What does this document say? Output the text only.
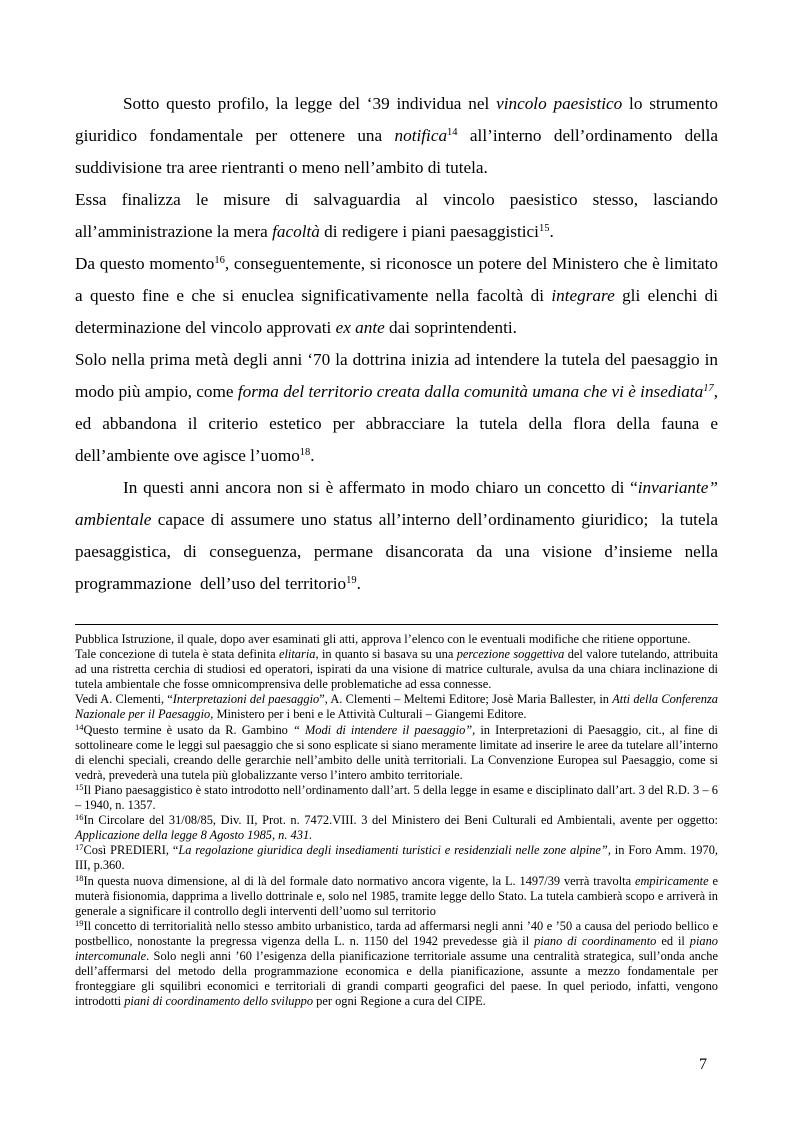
Sotto questo profilo, la legge del ‘39 individua nel vincolo paesistico lo strumento giuridico fondamentale per ottenere una notifica$^{14}$ all’interno dell’ordinamento della suddivisione tra aree rientranti o meno nell’ambito di tutela.

Essa finalizza le misure di salvaguardia al vincolo paesistico stesso, lasciando all’amministrazione la mera facoltà di redigere i piani paesaggistici$^{15}$.

Da questo momento$^{16}$, conseguentemente, si riconosce un potere del Ministero che è limitato a questo fine e che si enuclea significativamente nella facoltà di integrare gli elenchi di determinazione del vincolo approvati ex ante dai soprintendenti.

Solo nella prima metà degli anni ‘70 la dottrina inizia ad intendere la tutela del paesaggio in modo più ampio, come forma del territorio creata dalla comunità umana che vi è insediata$^{17}$, ed abbandona il criterio estetico per abbracciare la tutela della flora della fauna e dell’ambiente ove agisce l’uomo$^{18}$.

In questi anni ancora non si è affermato in modo chiaro un concetto di “invariante” ambientale capace di assumere uno status all’interno dell’ordinamento giuridico;  la tutela paesaggistica, di conseguenza, permane disancorata da una visione d’insieme nella programmazione  dell’uso del territorio$^{19}$.

Pubblica Istruzione, il quale, dopo aver esaminati gli atti, approva l’elenco con le eventuali modifiche che ritiene opportune.

Tale concezione di tutela è stata definita elitaria, in quanto si basava su una percezione soggettiva del valore tutelando, attribuita ad una ristretta cerchia di studiosi ed operatori, ispirati da una visione di matrice culturale, avulsa da una chiara inclinazione di tutela ambientale che fosse omnicomprensiva delle problematiche ad essa connesse.

Vedi A. Clementi, “Interpretazioni del paesaggio”, A. Clementi – Meltemi Editore; Josè Maria Ballester, in Atti della Conferenza Nazionale per il Paesaggio, Ministero per i beni e le Attività Culturali – Giangemi Editore.

$^{14}$Questo termine è usato da R. Gambino “ Modi di intendere il paesaggio”, in Interpretazioni di Paesaggio, cit., al fine di sottolineare come le leggi sul paesaggio che si sono esplicate si siano meramente limitate ad inserire le aree da tutelare all’interno di elenchi speciali, creando delle gerarchie nell’ambito delle unità territoriali. La Convenzione Europea sul Paesaggio, come si vedrà, prevederà una tutela più globalizzante verso l’intero ambito territoriale.

$^{15}$Il Piano paesaggistico è stato introdotto nell’ordinamento dall’art. 5 della legge in esame e disciplinato dall’art. 3 del R.D. 3 – 6 – 1940, n. 1357.

$^{16}$In Circolare del 31/08/85, Div. II, Prot. n. 7472.VIII. 3 del Ministero dei Beni Culturali ed Ambientali, avente per oggetto: Applicazione della legge 8 Agosto 1985, n. 431.

$^{17}$Così PREDIERI, “La regolazione giuridica degli insediamenti turistici e residenziali nelle zone alpine”, in Foro Amm. 1970, III, p.360.

$^{18}$In questa nuova dimensione, al di là del formale dato normativo ancora vigente, la L. 1497/39 verrà travolta empiricamente e muterà fisionomia, dapprima a livello dottrinale e, solo nel 1985, tramite legge dello Stato. La tutela cambierà scopo e arriverà in generale a significare il controllo degli interventi dell’uomo sul territorio

$^{19}$Il concetto di territorialità nello stesso ambito urbanistico, tarda ad affermarsi negli anni ’40 e ’50 a causa del periodo bellico e postbellico, nonostante la pregressa vigenza della L. n. 1150 del 1942 prevedesse già il piano di coordinamento ed il piano intercomunale. Solo negli anni ’60 l’esigenza della pianificazione territoriale assume una centralità strategica, sull’onda anche dell’affermarsi del metodo della programmazione economica e della pianificazione, assunte a mezzo fondamentale per fronteggiare gli squilibri economici e territoriali di grandi comparti geografici del paese. In quel periodo, infatti, vengono introdotti piani di coordinamento dello sviluppo per ogni Regione a cura del CIPE.

7
